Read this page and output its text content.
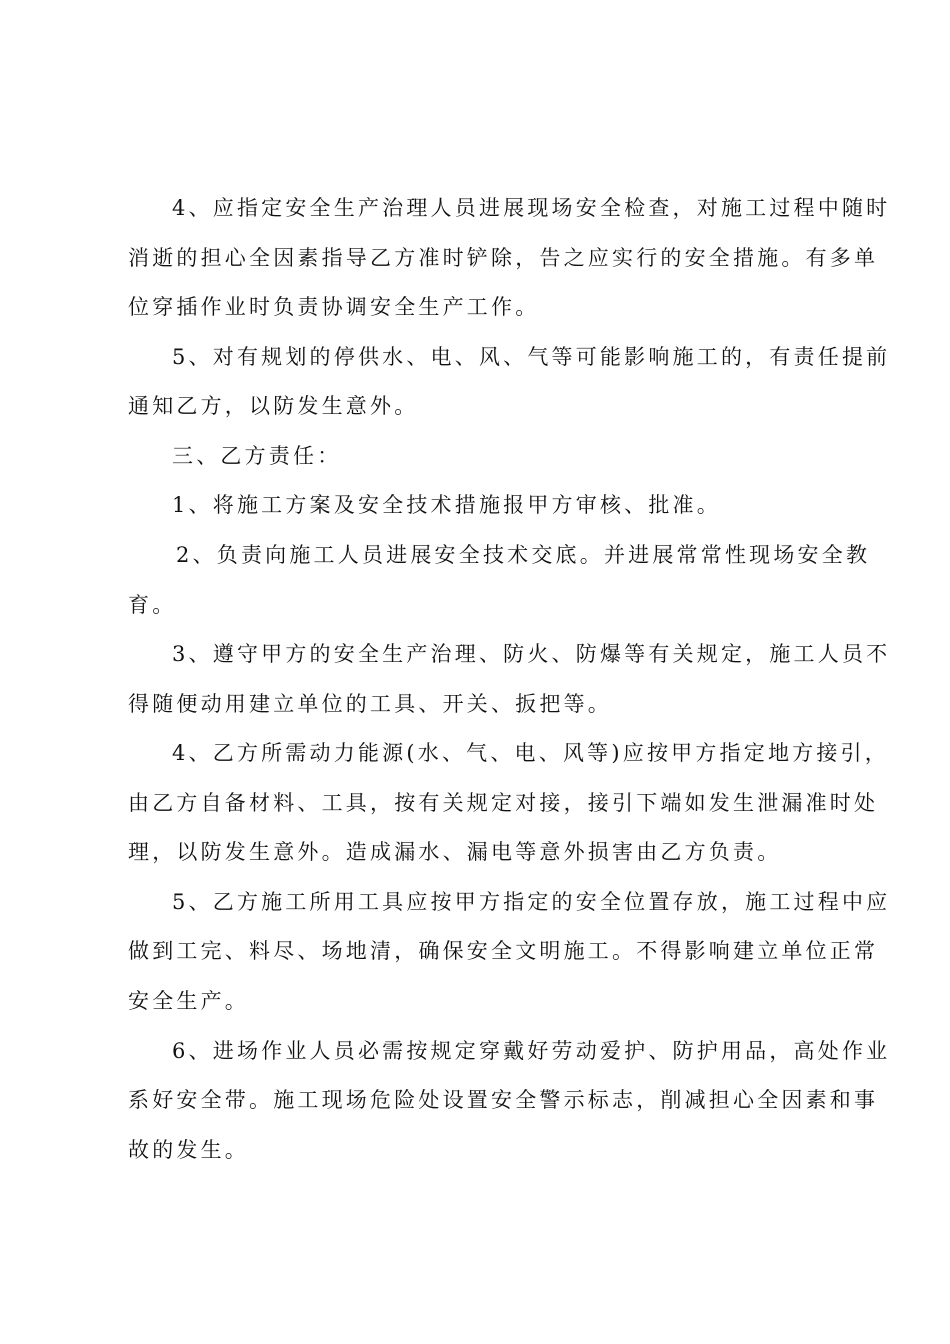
4、应指定安全生产治理人员进展现场安全检查，对施工过程中随时
消逝的担心全因素指导乙方准时铲除，告之应实行的安全措施。有多单
位穿插作业时负责协调安全生产工作。
5、对有规划的停供水、电、风、气等可能影响施工的，有责任提前
通知乙方，以防发生意外。
三、乙方责任：
1、将施工方案及安全技术措施报甲方审核、批准。
2、负责向施工人员进展安全技术交底。并进展常常性现场安全教
育。
3、遵守甲方的安全生产治理、防火、防爆等有关规定，施工人员不
得随便动用建立单位的工具、开关、扳把等。
4、乙方所需动力能源(水、气、电、风等)应按甲方指定地方接引，
由乙方自备材料、工具，按有关规定对接，接引下端如发生泄漏准时处
理，以防发生意外。造成漏水、漏电等意外损害由乙方负责。
5、乙方施工所用工具应按甲方指定的安全位置存放，施工过程中应
做到工完、料尽、场地清，确保安全文明施工。不得影响建立单位正常
安全生产。
6、进场作业人员必需按规定穿戴好劳动爱护、防护用品，高处作业
系好安全带。施工现场危险处设置安全警示标志，削减担心全因素和事
故的发生。
